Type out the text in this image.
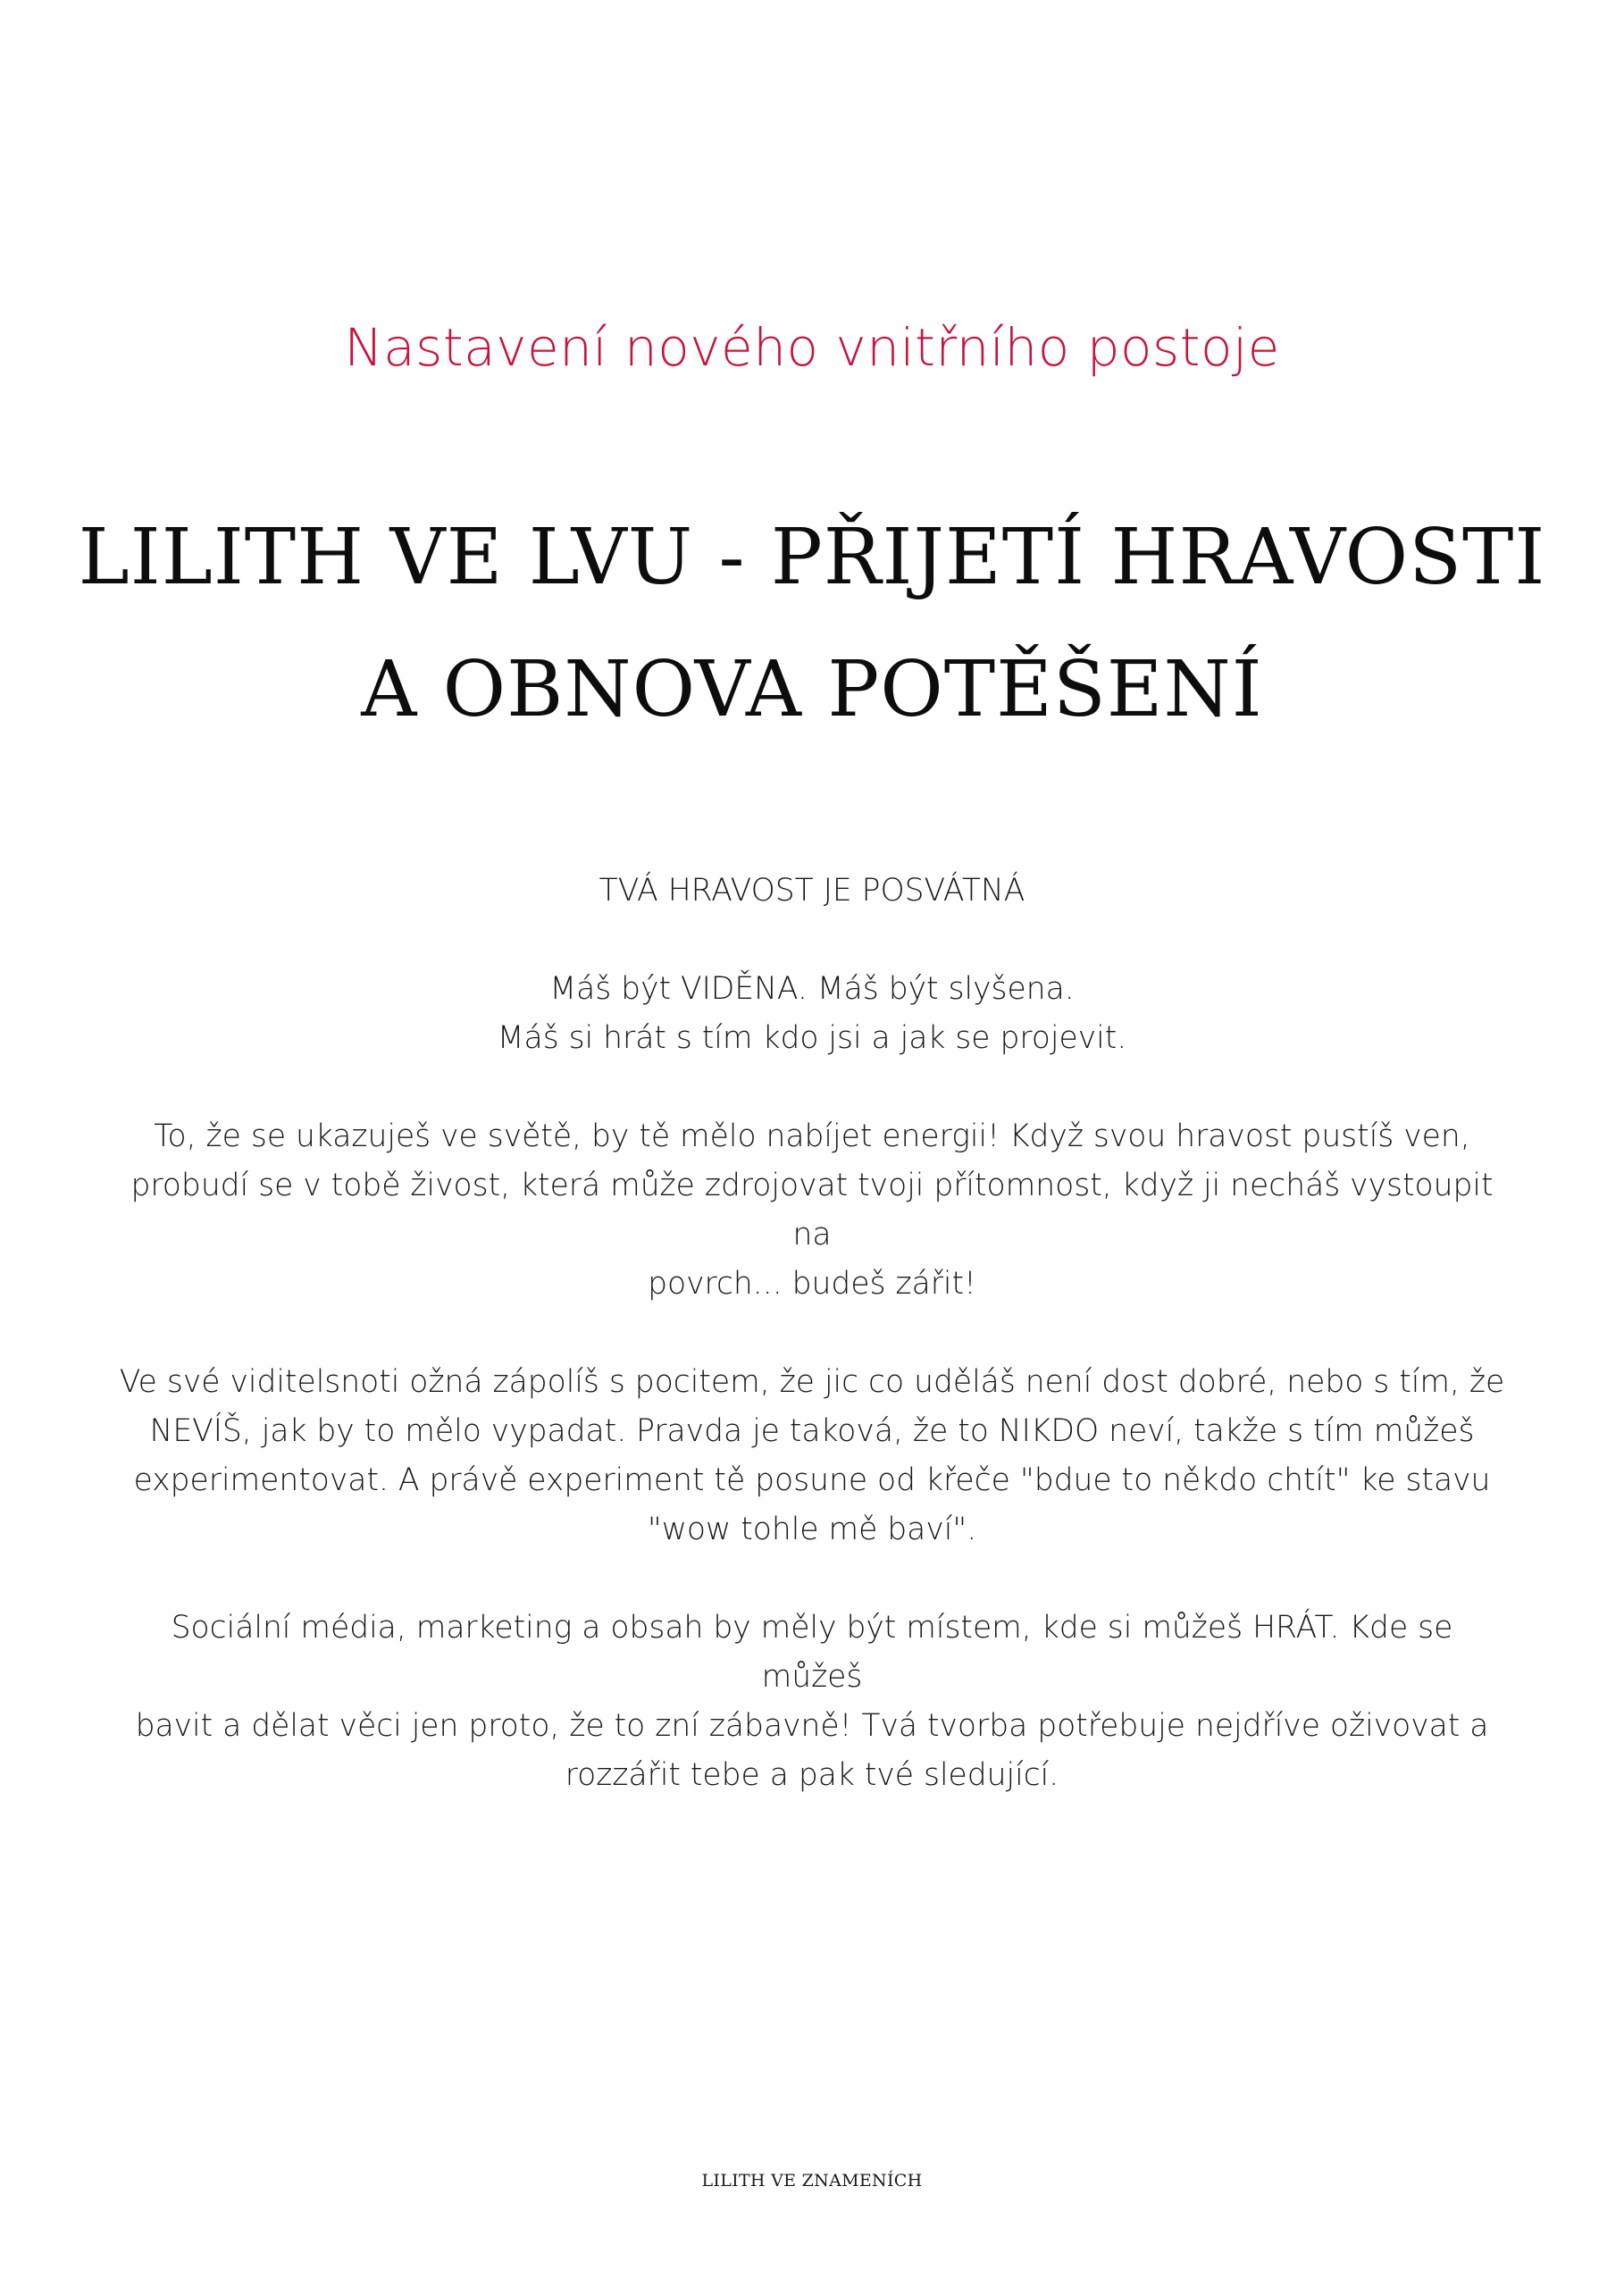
Nastavení nového vnitřního postoje
LILITH VE LVU - PŘIJETÍ HRAVOSTI
A OBNOVA POTĚŠENÍ

TVÁ HRAVOST JE POSVÁTNÁ

Máš být VIDĚNA. Máš být slyšena.
Máš si hrát s tím kdo jsi a jak se projevit.

To, že se ukazuješ ve světě, by tě mělo nabíjet energii! Když svou hravost pustíš ven,
probudí se v tobě živost, která může zdrojovat tvoji přítomnost, když ji necháš vystoupit na
povrch... budeš zářit!

Ve své viditelsnoti ožná zápolíš s pocitem, že jic co uděláš není dost dobré, nebo s tím, že
NEVÍŠ, jak by to mělo vypadat. Pravda je taková, že to NIKDO neví, takže s tím můžeš
experimentovat. A právě experiment tě posune od křeče "bdue to někdo chtít" ke stavu
"wow tohle mě baví".

Sociální média, marketing a obsah by měly být místem, kde si můžeš HRÁT. Kde se můžeš
bavit a dělat věci jen proto, že to zní zábavně! Tvá tvorba potřebuje nejdříve oživovat a
rozzářit tebe a pak tvé sledující.

LILITH VE ZNAMENÍCH
